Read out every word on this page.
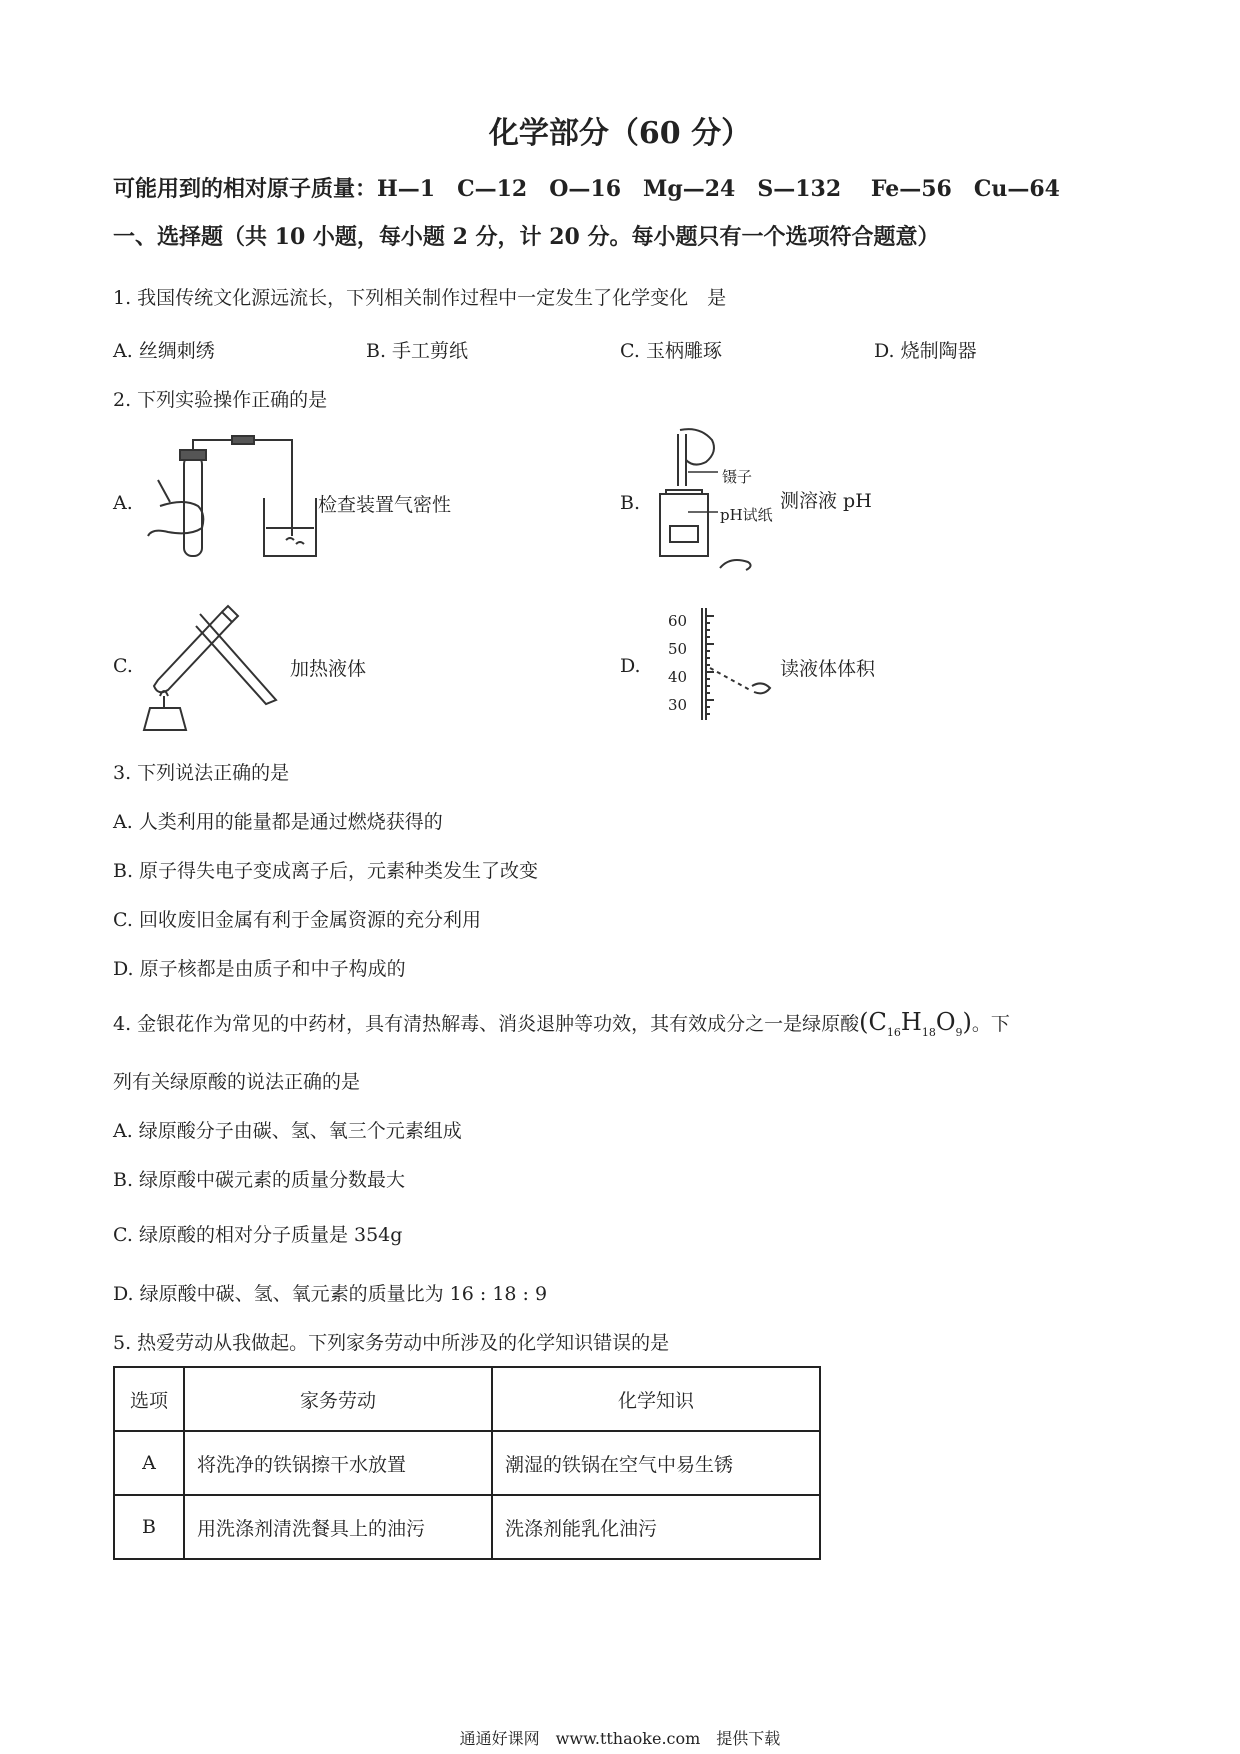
化学部分（60 分）
可能用到的相对原子质量：H—1　C—12　O—16　Mg—24　S—132　 Fe—56　Cu—64
一、选择题（共 10 小题，每小题 2 分，计 20 分。每小题只有一个选项符合题意）
1. 我国传统文化源远流长，下列相关制作过程中一定发生了化学变化　是
A. 丝绸刺绣	B. 手工剪纸	C. 玉柄雕琢	D. 烧制陶器
2. 下列实验操作正确的是
A.	检查装置气密性	B.
镊子
pH试纸
测溶液 pH
C.	加热液体	D.
60
50
40
30
读液体体积
3. 下列说法正确的是
A. 人类利用的能量都是通过燃烧获得的
B. 原子得失电子变成离子后，元素种类发生了改变
C. 回收废旧金属有利于金属资源的充分利用
D. 原子核都是由质子和中子构成的
4. 金银花作为常见的中药材，具有清热解毒、消炎退肿等功效，其有效成分之一是绿原酸$(C_{16}H_{18}O_9)$。下
列有关绿原酸的说法正确的是
A. 绿原酸分子由碳、氢、氧三个元素组成
B. 绿原酸中碳元素的质量分数最大
C. 绿原酸的相对分子质量是 354g
D. 绿原酸中碳、氢、氧元素的质量比为 16 : 18 : 9
5. 热爱劳动从我做起。下列家务劳动中所涉及的化学知识错误的是
选项	家务劳动	化学知识
A	将洗净的铁锅擦干水放置	潮湿的铁锅在空气中易生锈
B	用洗涤剂清洗餐具上的油污	洗涤剂能乳化油污
通通好课网　www.tthaoke.com　提供下载
